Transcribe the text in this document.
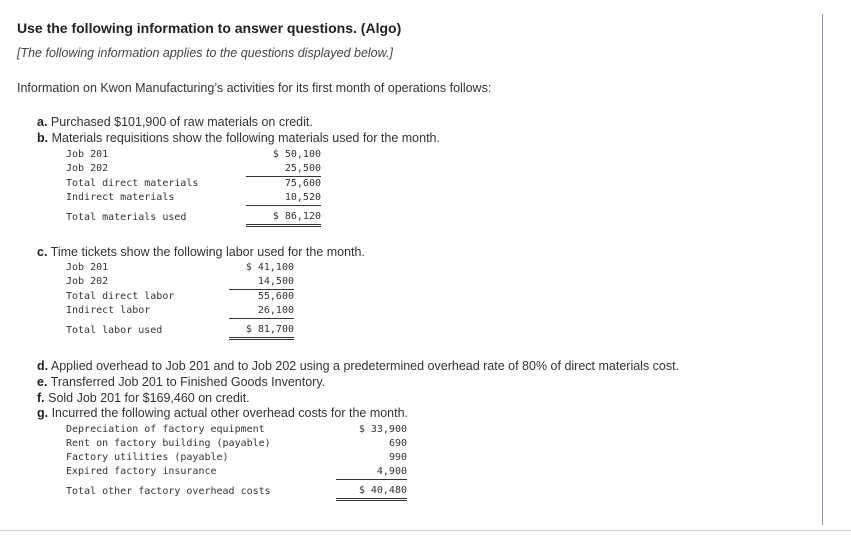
Use the following information to answer questions. (Algo)
[The following information applies to the questions displayed below.]
Information on Kwon Manufacturing’s activities for its first month of operations follows:
a. Purchased $101,900 of raw materials on credit.
b. Materials requisitions show the following materials used for the month.
Job 201	$ 50,100
Job 202	25,500
Total direct materials	75,600
Indirect materials	10,520
Total materials used	$ 86,120
c. Time tickets show the following labor used for the month.
Job 201	$ 41,100
Job 202	14,500
Total direct labor	55,600
Indirect labor	26,100
Total labor used	$ 81,700
d. Applied overhead to Job 201 and to Job 202 using a predetermined overhead rate of 80% of direct materials cost.
e. Transferred Job 201 to Finished Goods Inventory.
f. Sold Job 201 for $169,460 on credit.
g. Incurred the following actual other overhead costs for the month.
Depreciation of factory equipment	$ 33,900
Rent on factory building (payable)	690
Factory utilities (payable)	990
Expired factory insurance	4,900
Total other factory overhead costs	$ 40,480
